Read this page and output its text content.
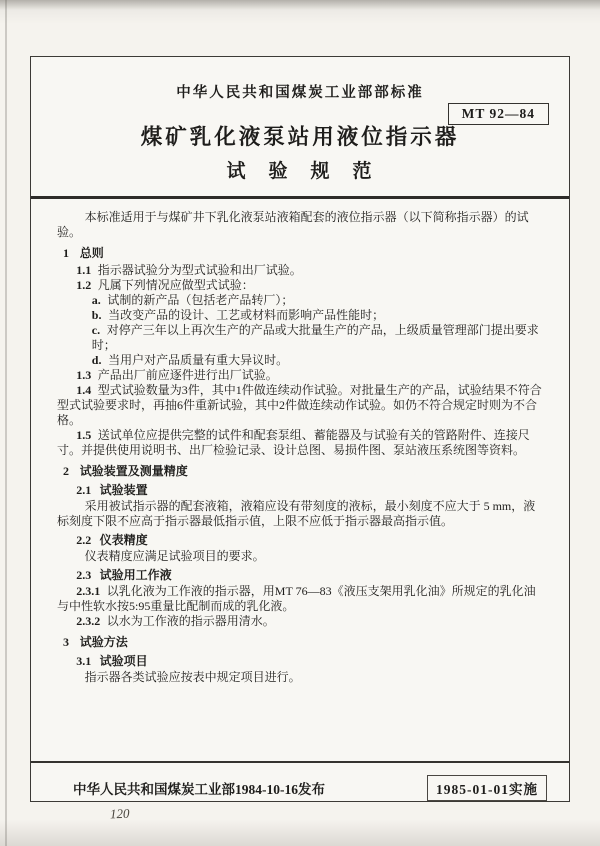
中华人民共和国煤炭工业部部标准
MT 92—84
煤矿乳化液泵站用液位指示器
试　验　规　范

本标准适用于与煤矿井下乳化液泵站液箱配套的液位指示器（以下简称指示器）的试验。

1 总则

1.1 指示器试验分为型式试验和出厂试验。

1.2 凡属下列情况应做型式试验：

a. 试制的新产品（包括老产品转厂）；

b. 当改变产品的设计、工艺或材料而影响产品性能时；

c. 对停产三年以上再次生产的产品或大批量生产的产品，上级质量管理部门提出要求时；

d. 当用户对产品质量有重大异议时。

1.3 产品出厂前应逐件进行出厂试验。

1.4 型式试验数量为3件，其中1件做连续动作试验。对批量生产的产品，试验结果不符合型式试验要求时，再抽6件重新试验，其中2件做连续动作试验。如仍不符合规定时则为不合格。

1.5 送试单位应提供完整的试件和配套泵组、蓄能器及与试验有关的管路附件、连接尺寸。并提供使用说明书、出厂检验记录、设计总图、易损件图、泵站液压系统图等资料。

2 试验装置及测量精度

2.1 试验装置

采用被试指示器的配套液箱，液箱应设有带刻度的液标，最小刻度不应大于 5 mm，液标刻度下限不应高于指示器最低指示值，上限不应低于指示器最高指示值。

2.2 仪表精度

仪表精度应满足试验项目的要求。

2.3 试验用工作液

2.3.1 以乳化液为工作液的指示器，用MT 76—83《液压支架用乳化油》所规定的乳化油与中性软水按5:95重量比配制而成的乳化液。

2.3.2 以水为工作液的指示器用清水。

3 试验方法

3.1 试验项目

指示器各类试验应按表中规定项目进行。

中华人民共和国煤炭工业部1984-10-16发布	1985-01-01实施
120
